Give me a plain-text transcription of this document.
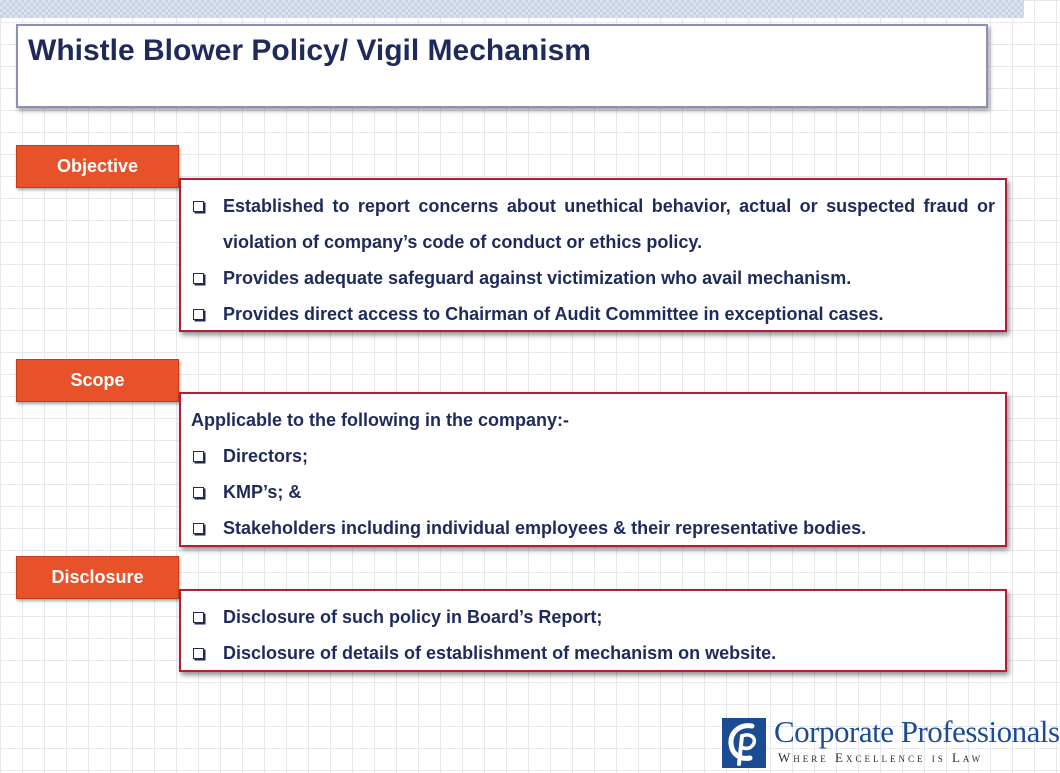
Whistle Blower Policy/ Vigil Mechanism
Objective
Established to report concerns about unethical behavior, actual or suspected fraud or violation of company’s code of conduct or ethics policy.
Provides adequate safeguard against victimization who avail mechanism.
Provides direct access to Chairman of Audit Committee in exceptional cases.
Scope
Applicable to the following in the company:-
Directors;
KMP’s; &
Stakeholders including individual employees & their representative bodies.
Disclosure
Disclosure of such policy in Board’s Report;
Disclosure of details of establishment of mechanism on website.
Corporate Professionals
Where Excellence is Law
